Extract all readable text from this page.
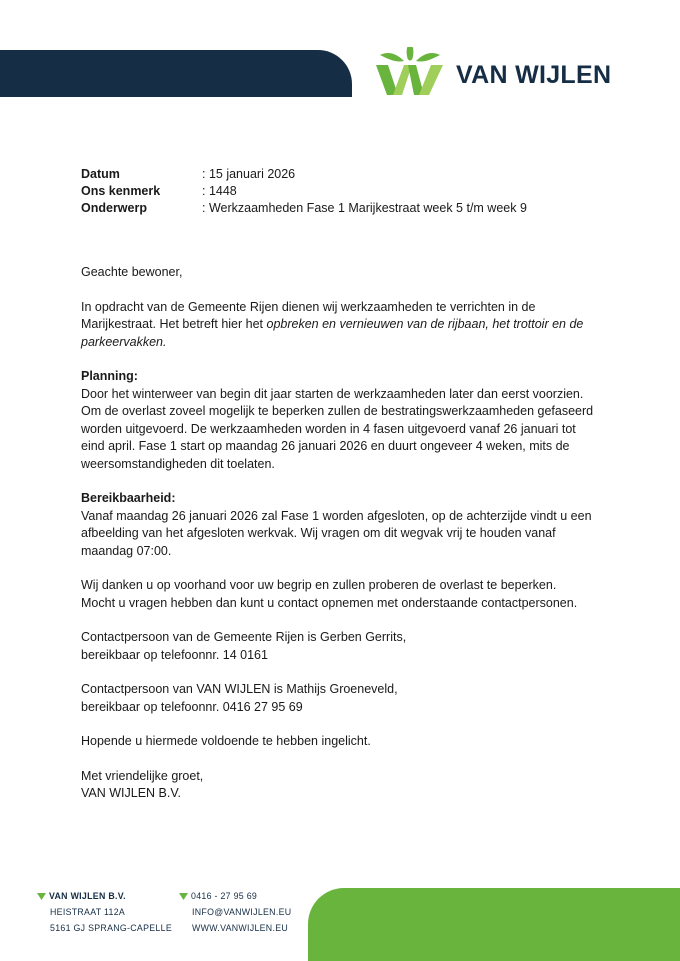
VAN WIJLEN
Datum	: 15 januari 2026
Ons kenmerk	: 1448
Onderwerp	: Werkzaamheden Fase 1 Marijkestraat week 5 t/m week 9

Geachte bewoner,

In opdracht van de Gemeente Rijen dienen wij werkzaamheden te verrichten in de Marijkestraat. Het betreft hier het opbreken en vernieuwen van de rijbaan, het trottoir en de parkeervakken.

Planning:
Door het winterweer van begin dit jaar starten de werkzaamheden later dan eerst voorzien. Om de overlast zoveel mogelijk te beperken zullen de bestratingswerkzaamheden gefaseerd worden uitgevoerd. De werkzaamheden worden in 4 fasen uitgevoerd vanaf 26 januari tot eind april. Fase 1 start op maandag 26 januari 2026 en duurt ongeveer 4 weken, mits de weersomstandigheden dit toelaten.

Bereikbaarheid:
Vanaf maandag 26 januari 2026 zal Fase 1 worden afgesloten, op de achterzijde vindt u een afbeelding van het afgesloten werkvak. Wij vragen om dit wegvak vrij te houden vanaf maandag 07:00.

Wij danken u op voorhand voor uw begrip en zullen proberen de overlast te beperken.
Mocht u vragen hebben dan kunt u contact opnemen met onderstaande contactpersonen.

Contactpersoon van de Gemeente Rijen is Gerben Gerrits,
bereikbaar op telefoonnr. 14 0161

Contactpersoon van VAN WIJLEN is Mathijs Groeneveld,
bereikbaar op telefoonnr. 0416 27 95 69

Hopende u hiermede voldoende te hebben ingelicht.

Met vriendelijke groet,
VAN WIJLEN B.V.

VAN WIJLEN B.V.
HEISTRAAT 112A
5161 GJ SPRANG-CAPELLE
0416 - 27 95 69
INFO@VANWIJLEN.EU
WWW.VANWIJLEN.EU
